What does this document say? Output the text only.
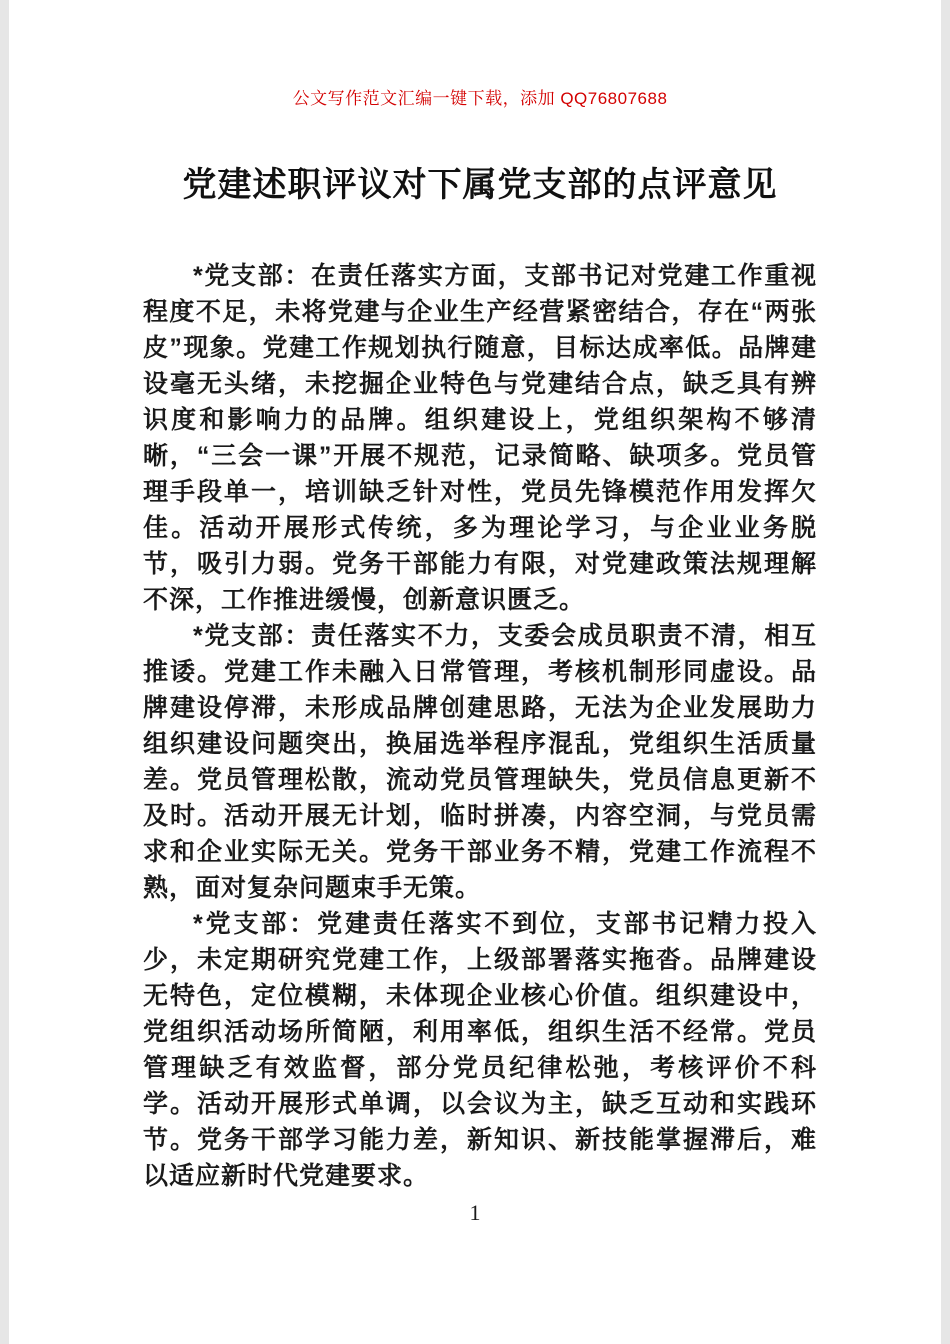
公文写作范文汇编一键下载，添加 QQ76807688
党建述职评议对下属党支部的点评意见

*党支部：在责任落实方面，支部书记对党建工作重视程度不足，未将党建与企业生产经营紧密结合，存在“两张皮”现象。党建工作规划执行随意，目标达成率低。品牌建设毫无头绪，未挖掘企业特色与党建结合点，缺乏具有辨识度和影响力的品牌。组织建设上，党组织架构不够清晰，“三会一课”开展不规范，记录简略、缺项多。党员管理手段单一，培训缺乏针对性，党员先锋模范作用发挥欠佳。活动开展形式传统，多为理论学习，与企业业务脱节，吸引力弱。党务干部能力有限，对党建政策法规理解不深，工作推进缓慢，创新意识匮乏。

*党支部：责任落实不力，支委会成员职责不清，相互推诿。党建工作未融入日常管理，考核机制形同虚设。品牌建设停滞，未形成品牌创建思路，无法为企业发展助力组织建设问题突出，换届选举程序混乱，党组织生活质量差。党员管理松散，流动党员管理缺失，党员信息更新不及时。活动开展无计划，临时拼凑，内容空洞，与党员需求和企业实际无关。党务干部业务不精，党建工作流程不熟，面对复杂问题束手无策。

*党支部：党建责任落实不到位，支部书记精力投入少，未定期研究党建工作，上级部署落实拖沓。品牌建设无特色，定位模糊，未体现企业核心价值。组织建设中，党组织活动场所简陋，利用率低，组织生活不经常。党员管理缺乏有效监督，部分党员纪律松弛，考核评价不科学。活动开展形式单调，以会议为主，缺乏互动和实践环节。党务干部学习能力差，新知识、新技能掌握滞后，难以适应新时代党建要求。

1
